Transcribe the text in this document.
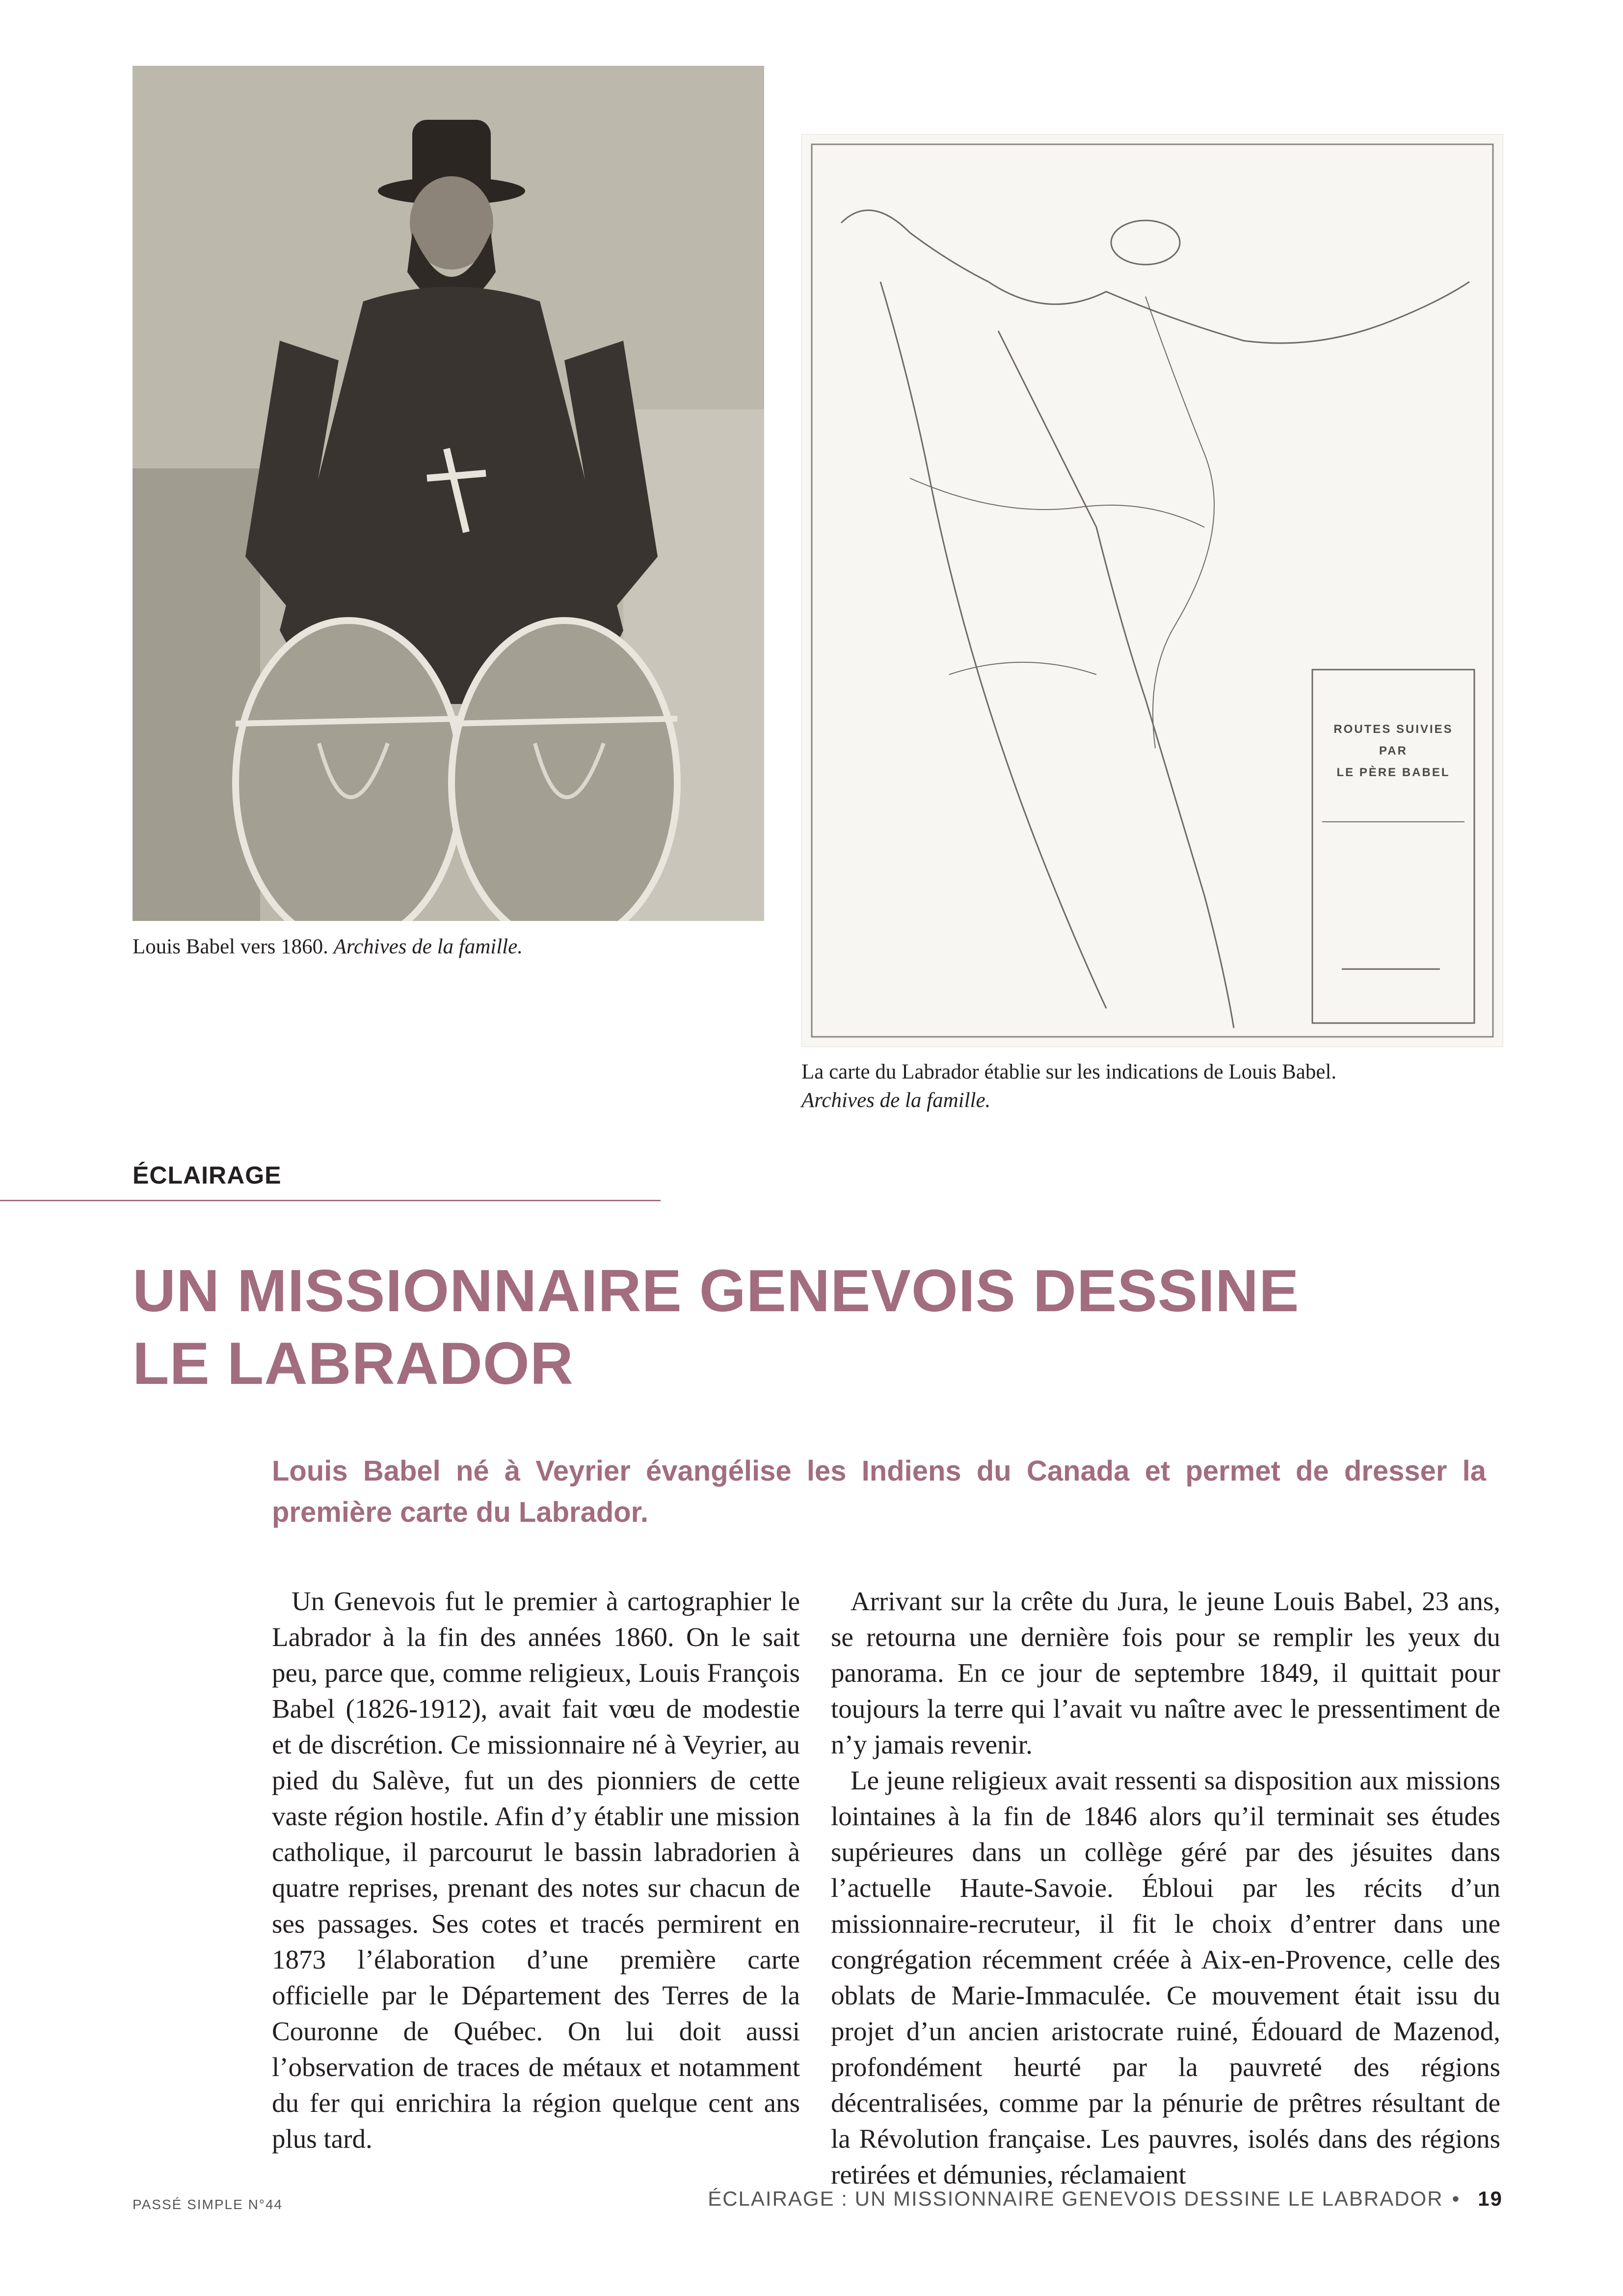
Louis Babel vers 1860. Archives de la famille.
ROUTES SUIVIES
PAR
LE PÈRE BABEL
La carte du Labrador établie sur les indications de Louis Babel.
Archives de la famille.
ÉCLAIRAGE
UN MISSIONNAIRE GENEVOIS DESSINE
LE LABRADOR

Louis Babel né à Veyrier évangélise les Indiens du Canada et permet de dresser la première carte du Labrador.

Un Genevois fut le premier à cartographier le Labrador à la fin des années 1860. On le sait peu, parce que, comme religieux, Louis François Babel (1826-1912), avait fait vœu de modestie et de discrétion. Ce missionnaire né à Veyrier, au pied du Salève, fut un des pionniers de cette vaste région hostile. Afin d’y établir une mission catholique, il parcourut le bassin labradorien à quatre reprises, prenant des notes sur chacun de ses passages. Ses cotes et tracés permirent en 1873 l’élaboration d’une première carte officielle par le Département des Terres de la Couronne de Québec. On lui doit aussi l’observation de traces de métaux et notamment du fer qui enrichira la région quelque cent ans plus tard.

Arrivant sur la crête du Jura, le jeune Louis Babel, 23 ans, se retourna une dernière fois pour se remplir les yeux du panorama. En ce jour de septembre 1849, il quittait pour toujours la terre qui l’avait vu naître avec le pressentiment de n’y jamais revenir.

Le jeune religieux avait ressenti sa disposition aux missions lointaines à la fin de 1846 alors qu’il terminait ses études supérieures dans un collège géré par des jésuites dans l’actuelle Haute-Savoie. Ébloui par les récits d’un missionnaire-recruteur, il fit le choix d’entrer dans une congrégation récemment créée à Aix-en-Provence, celle des oblats de Marie-Immaculée. Ce mouvement était issu du projet d’un ancien aristocrate ruiné, Édouard de Mazenod, profondément heurté par la pauvreté des régions décentralisées, comme par la pénurie de prêtres résultant de la Révolution française. Les pauvres, isolés dans des régions retirées et démunies, réclamaient

PASSÉ SIMPLE N°44	ÉCLAIRAGE : UN MISSIONNAIRE GENEVOIS DESSINE LE LABRADOR • 19
